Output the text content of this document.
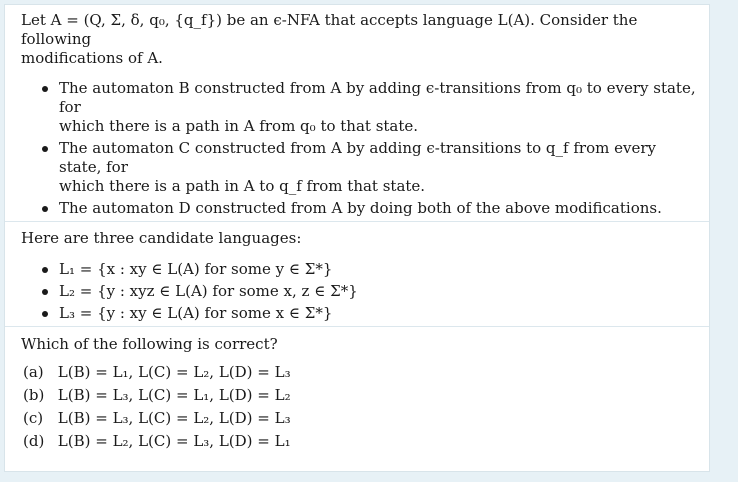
Let A = (Q, Σ, δ, q₀, {q_f}) be an ϵ-NFA that accepts language L(A). Consider the following
modifications of A.
The automaton B constructed from A by adding ϵ-transitions from q₀ to every state, for
which there is a path in A from q₀ to that state.
The automaton C constructed from A by adding ϵ-transitions to q_f from every state, for
which there is a path in A to q_f from that state.
The automaton D constructed from A by doing both of the above modifications.
Here are three candidate languages:
L₁ = {x : xy ∈ L(A) for some y ∈ Σ*}
L₂ = {y : xyz ∈ L(A) for some x, z ∈ Σ*}
L₃ = {y : xy ∈ L(A) for some x ∈ Σ*}
Which of the following is correct?
(a) L(B) = L₁, L(C) = L₂, L(D) = L₃
(b) L(B) = L₃, L(C) = L₁, L(D) = L₂
(c) L(B) = L₃, L(C) = L₂, L(D) = L₃
(d) L(B) = L₂, L(C) = L₃, L(D) = L₁
